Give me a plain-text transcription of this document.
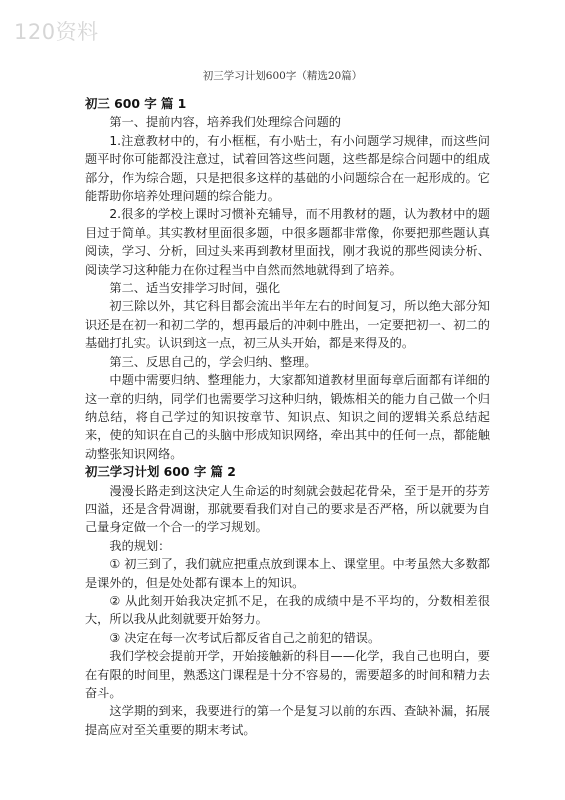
120资料
初三学习计划600字（精选20篇）

初三 600 字 篇 1

第一、提前内容，培养我们处理综合问题的

1.注意教材中的，有小框框，有小贴士，有小问题学习规律，而这些问题平时你可能都没注意过，试着回答这些问题，这些都是综合问题中的组成部分，作为综合题，只是把很多这样的基础的小问题综合在一起形成的。它能帮助你培养处理问题的综合能力。

2.很多的学校上课时习惯补充辅导，而不用教材的题，认为教材中的题目过于简单。其实教材里面很多题，中很多题都非常像，你要把那些题认真阅读，学习、分析，回过头来再到教材里面找，刚才我说的那些阅读分析、阅读学习这种能力在你过程当中自然而然地就得到了培养。

第二、适当安排学习时间，强化

初三除以外，其它科目都会流出半年左右的时间复习，所以绝大部分知识还是在初一和初二学的，想再最后的冲刺中胜出，一定要把初一、初二的基础打扎实。认识到这一点，初三从头开始，都是来得及的。

第三、反思自己的，学会归纳、整理。

中题中需要归纳、整理能力，大家都知道教材里面每章后面都有详细的这一章的归纳，同学们也需要学习这种归纳，锻炼相关的能力自己做一个归纳总结，将自己学过的知识按章节、知识点、知识之间的逻辑关系总结起来，使的知识在自己的头脑中形成知识网络，牵出其中的任何一点，都能触动整张知识网络。

初三学习计划 600 字 篇 2

漫漫长路走到这決定人生命运的时刻就会鼓起花骨朵，至于是开的芬芳四溢，还是含骨凋谢，那就要看我们对自己的要求是否严格，所以就要为自己量身定做一个合一的学习规划。

我的规划：

① 初三到了，我们就应把重点放到课本上、课堂里。中考虽然大多数都是课外的，但是处处都有课本上的知识。

② 从此刻开始我决定抓不足，在我的成绩中是不平均的，分数相差很大，所以我从此刻就要开始努力。

③ 决定在每一次考试后都反省自己之前犯的错误。

我们学校会提前开学，开始接触新的科目——化学，我自己也明白，要在有限的时间里，熟悉这门课程是十分不容易的，需要超多的时间和精力去奋斗。

这学期的到来，我要进行的第一个是复习以前的东西、查缺补漏，拓展提高应对至关重要的期末考试。
